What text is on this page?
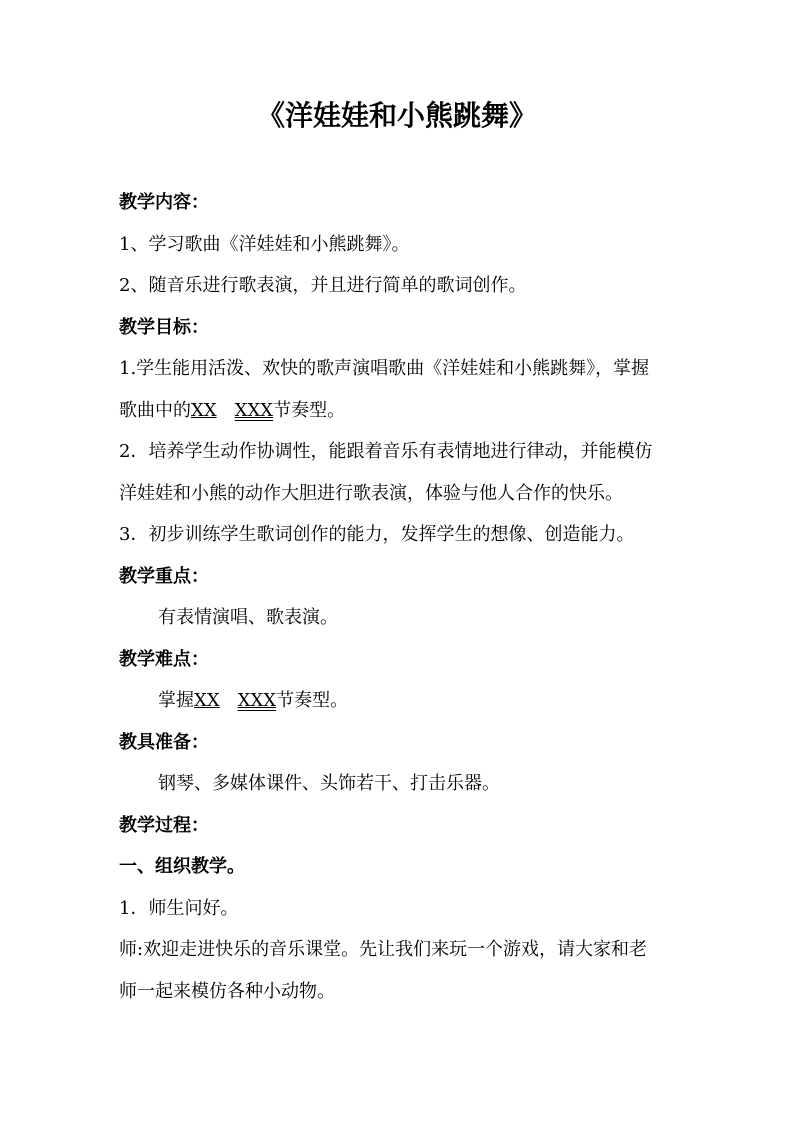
《洋娃娃和小熊跳舞》
教学内容：
1、学习歌曲《洋娃娃和小熊跳舞》。
2、随音乐进行歌表演，并且进行简单的歌词创作。
教学目标：
1.学生能用活泼、欢快的歌声演唱歌曲《洋娃娃和小熊跳舞》，掌握
歌曲中的XX XXX节奏型。
2．培养学生动作协调性，能跟着音乐有表情地进行律动，并能模仿
洋娃娃和小熊的动作大胆进行歌表演，体验与他人合作的快乐。
3．初步训练学生歌词创作的能力，发挥学生的想像、创造能力。
教学重点：
有表情演唱、歌表演。
教学难点：
掌握XX XXX节奏型。
教具准备：
钢琴、多媒体课件、头饰若干、打击乐器。
教学过程：
一、组织教学。
1．师生问好。
师:欢迎走进快乐的音乐课堂。先让我们来玩一个游戏，请大家和老
师一起来模仿各种小动物。
